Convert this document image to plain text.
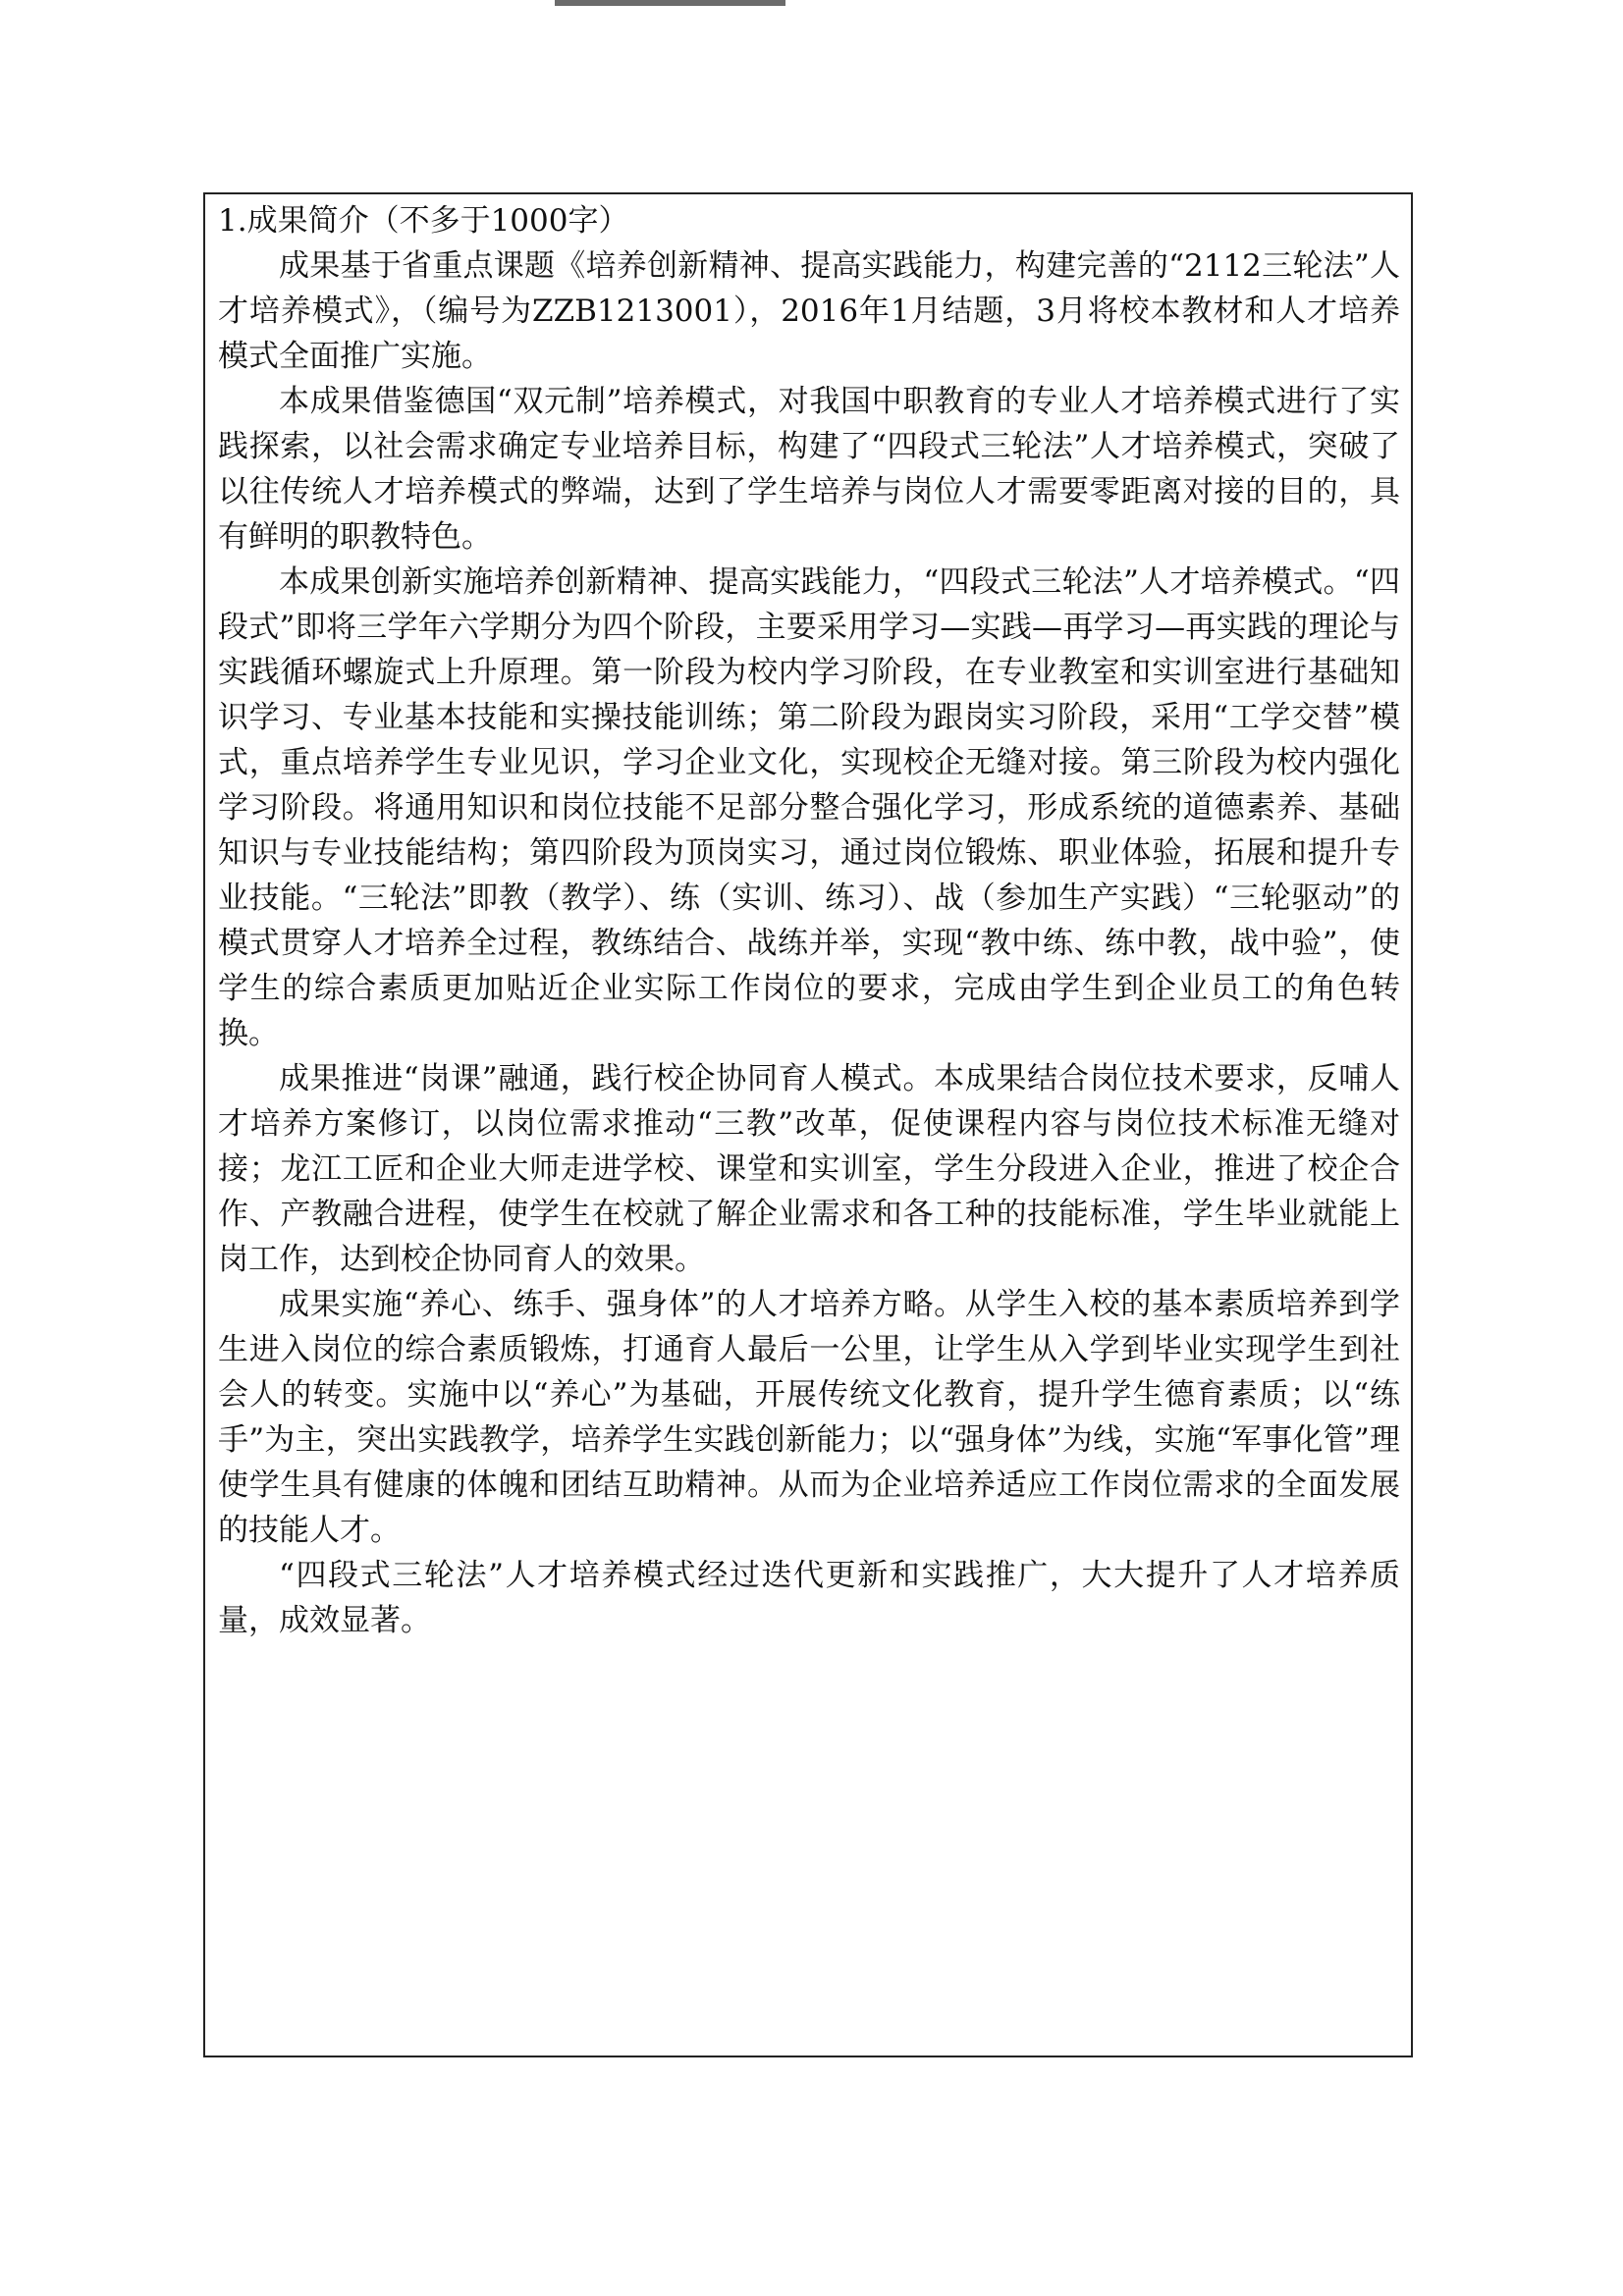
1.成果简介（不多于1000字）

成果基于省重点课题《培养创新精神、提高实践能力，构建完善的“2112三轮法”人才培养模式》，（编号为ZZB1213001），2016年1月结题，3月将校本教材和人才培养模式全面推广实施。

本成果借鉴德国“双元制”培养模式，对我国中职教育的专业人才培养模式进行了实践探索，以社会需求确定专业培养目标，构建了“四段式三轮法”人才培养模式，突破了以往传统人才培养模式的弊端，达到了学生培养与岗位人才需要零距离对接的目的，具有鲜明的职教特色。

本成果创新实施培养创新精神、提高实践能力，“四段式三轮法”人才培养模式。“四段式”即将三学年六学期分为四个阶段，主要采用学习—实践—再学习—再实践的理论与实践循环螺旋式上升原理。第一阶段为校内学习阶段，在专业教室和实训室进行基础知识学习、专业基本技能和实操技能训练；第二阶段为跟岗实习阶段，采用“工学交替”模式，重点培养学生专业见识，学习企业文化，实现校企无缝对接。第三阶段为校内强化学习阶段。将通用知识和岗位技能不足部分整合强化学习，形成系统的道德素养、基础知识与专业技能结构；第四阶段为顶岗实习，通过岗位锻炼、职业体验，拓展和提升专业技能。“三轮法”即教（教学）、练（实训、练习）、战（参加生产实践）“三轮驱动”的模式贯穿人才培养全过程，教练结合、战练并举，实现“教中练、练中教，战中验”，使学生的综合素质更加贴近企业实际工作岗位的要求，完成由学生到企业员工的角色转换。

成果推进“岗课”融通，践行校企协同育人模式。本成果结合岗位技术要求，反哺人才培养方案修订，以岗位需求推动“三教”改革，促使课程内容与岗位技术标准无缝对接；龙江工匠和企业大师走进学校、课堂和实训室，学生分段进入企业，推进了校企合作、产教融合进程，使学生在校就了解企业需求和各工种的技能标准，学生毕业就能上岗工作，达到校企协同育人的效果。

成果实施“养心、练手、强身体”的人才培养方略。从学生入校的基本素质培养到学生进入岗位的综合素质锻炼，打通育人最后一公里，让学生从入学到毕业实现学生到社会人的转变。实施中以“养心”为基础，开展传统文化教育，提升学生德育素质；以“练手”为主，突出实践教学，培养学生实践创新能力；以“强身体”为线，实施“军事化管”理使学生具有健康的体魄和团结互助精神。从而为企业培养适应工作岗位需求的全面发展的技能人才。

“四段式三轮法”人才培养模式经过迭代更新和实践推广，大大提升了人才培养质量，成效显著。
